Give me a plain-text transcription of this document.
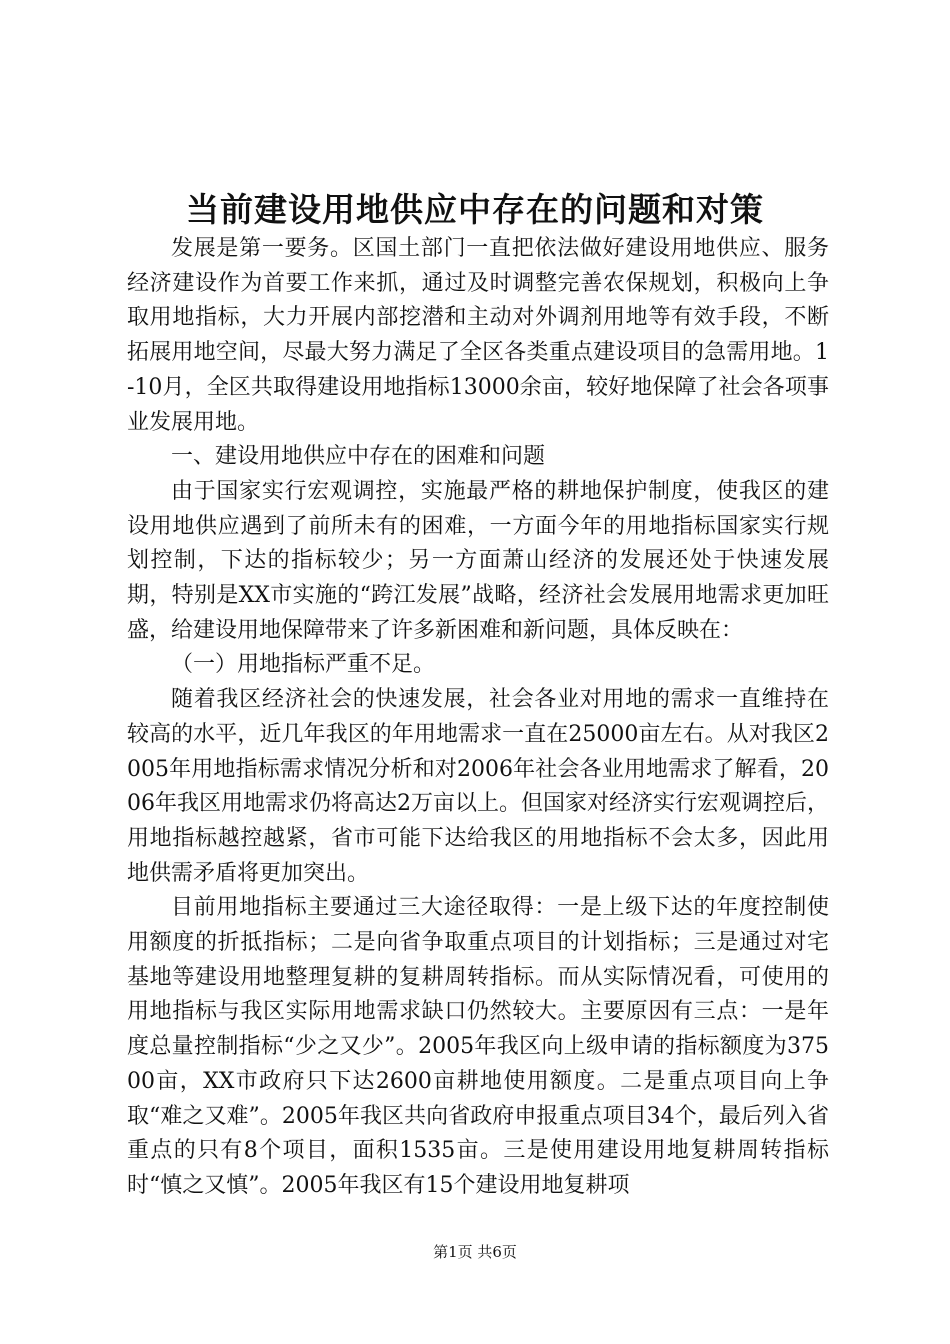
当前建设用地供应中存在的问题和对策

发展是第一要务。区国土部门一直把依法做好建设用地供应、服务经济建设作为首要工作来抓，通过及时调整完善农保规划，积极向上争取用地指标，大力开展内部挖潜和主动对外调剂用地等有效手段，不断拓展用地空间，尽最大努力满足了全区各类重点建设项目的急需用地。1-10月，全区共取得建设用地指标13000余亩，较好地保障了社会各项事业发展用地。

一、建设用地供应中存在的困难和问题

由于国家实行宏观调控，实施最严格的耕地保护制度，使我区的建设用地供应遇到了前所未有的困难，一方面今年的用地指标国家实行规划控制，下达的指标较少；另一方面萧山经济的发展还处于快速发展期，特别是XX市实施的“跨江发展”战略，经济社会发展用地需求更加旺盛，给建设用地保障带来了许多新困难和新问题，具体反映在：

（一）用地指标严重不足。

随着我区经济社会的快速发展，社会各业对用地的需求一直维持在较高的水平，近几年我区的年用地需求一直在25000亩左右。从对我区2005年用地指标需求情况分析和对2006年社会各业用地需求了解看，2006年我区用地需求仍将高达2万亩以上。但国家对经济实行宏观调控后，用地指标越控越紧，省市可能下达给我区的用地指标不会太多，因此用地供需矛盾将更加突出。

目前用地指标主要通过三大途径取得：一是上级下达的年度控制使用额度的折抵指标；二是向省争取重点项目的计划指标；三是通过对宅基地等建设用地整理复耕的复耕周转指标。而从实际情况看，可使用的用地指标与我区实际用地需求缺口仍然较大。主要原因有三点：一是年度总量控制指标“少之又少”。2005年我区向上级申请的指标额度为37500亩，XX市政府只下达2600亩耕地使用额度。二是重点项目向上争取“难之又难”。2005年我区共向省政府申报重点项目34个，最后列入省重点的只有8个项目，面积1535亩。三是使用建设用地复耕周转指标时“慎之又慎”。2005年我区有15个建设用地复耕项

第1页 共6页
